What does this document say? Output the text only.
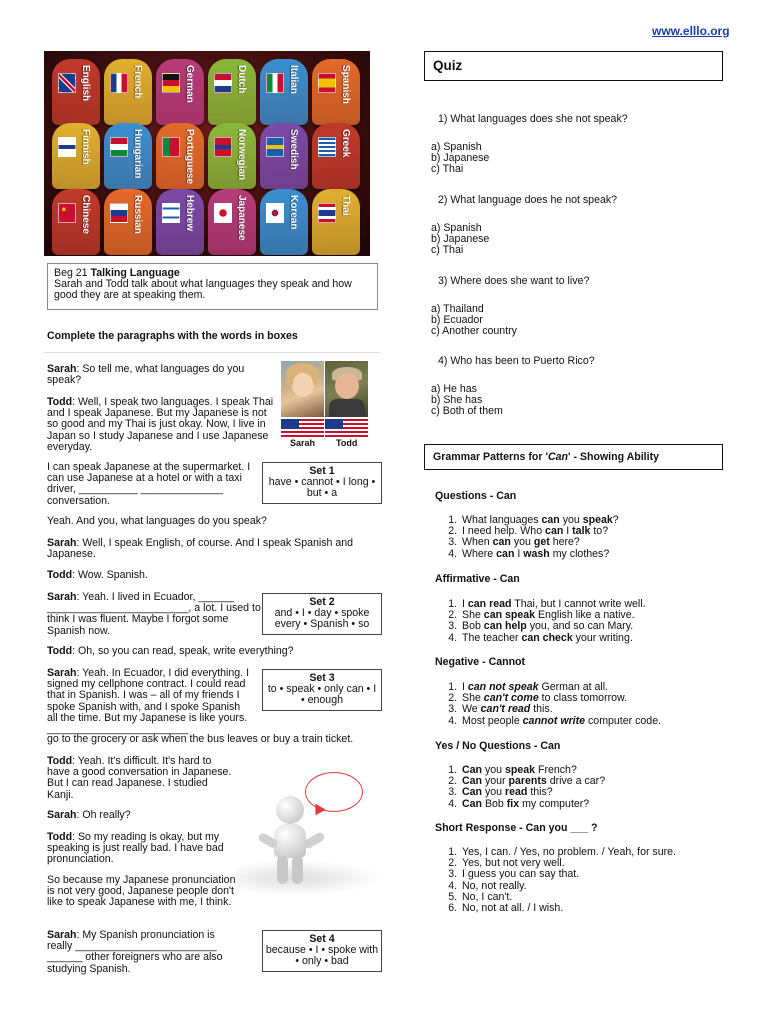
www.elllo.org
English	French	German	Dutch	Italian	Spanish
Finnish	Hungarian	Portuguese	Norwegian	Swedish	Greek
Chinese	Russian	Hebrew	Japanese	Korean	Thai
Beg 21 Talking Language
Sarah and Todd talk about what languages they speak and how good they are at speaking them.
Complete the paragraphs with the words in boxes
Sarah Todd

Sarah: So tell me, what languages do you speak?

Todd: Well, I speak two languages. I speak Thai and I speak Japanese. But my Japanese is not so good and my Thai is just okay. Now, I live in Japan so I study Japanese and I use Japanese everyday.

I can speak Japanese at the supermarket. I can use Japanese at a hotel or with a taxi driver, __________ ______________ conversation.

Yeah. And you, what languages do you speak?

Sarah: Well, I speak English, of course. And I speak Spanish and Japanese.

Todd: Wow. Spanish.

Sarah: Yeah. I lived in Ecuador, ______ ________________________, a lot. I used to think I was fluent. Maybe I forgot some Spanish now.

Todd: Oh, so you can read, speak, write everything?

Sarah: Yeah. In Ecuador, I did everything. I signed my cellphone contract. I could read that in Spanish. I was – all of my friends I spoke Spanish with, and I spoke Spanish all the time. But my Japanese is like yours. ________________________

go to the grocery or ask when the bus leaves or buy a train ticket.

Todd: Yeah. It's difficult. It's hard to have a good conversation in Japanese. But I can read Japanese. I studied Kanji.

Sarah: Oh really?

Todd: So my reading is okay, but my speaking is just really bad. I have bad pronunciation.

So because my Japanese pronunciation is not very good, Japanese people don't like to speak Japanese with me, I think.

Sarah: My Spanish pronunciation is really ________________________ ______ other foreigners who are also studying Spanish.

Set 1
have • cannot • I long • but • a
Set 2
and • I • day • spoke every • Spanish • so
Set 3
to • speak • only can • I • enough
Set 4
because • I • spoke with • only • bad
Quiz
1) What languages does she not speak?
a) Spanish
b) Japanese
c) Thai
2) What language does he not speak?
a) Spanish
b) Japanese
c) Thai
3) Where does she want to live?
a) Thailand
b) Ecuador
c) Another country
4) Who has been to Puerto Rico?
a) He has
b) She has
c) Both of them
Grammar Patterns for 'Can' - Showing Ability
Questions - Can
1. What languages can you speak?
2. I need help. Who can I talk to?
3. When can you get here?
4. Where can I wash my clothes?
Affirmative - Can
1. I can read Thai, but I cannot write well.
2. She can speak English like a native.
3. Bob can help you, and so can Mary.
4. The teacher can check your writing.
Negative - Cannot
1. I can not speak German at all.
2. She can't come to class tomorrow.
3. We can't read this.
4. Most people cannot write computer code.
Yes / No Questions - Can
1. Can you speak French?
2. Can your parents drive a car?
3. Can you read this?
4. Can Bob fix my computer?
Short Response - Can you ___ ?
1. Yes, I can. / Yes, no problem. / Yeah, for sure.
2. Yes, but not very well.
3. I guess you can say that.
4. No, not really.
5. No, I can't.
6. No, not at all. / I wish.
